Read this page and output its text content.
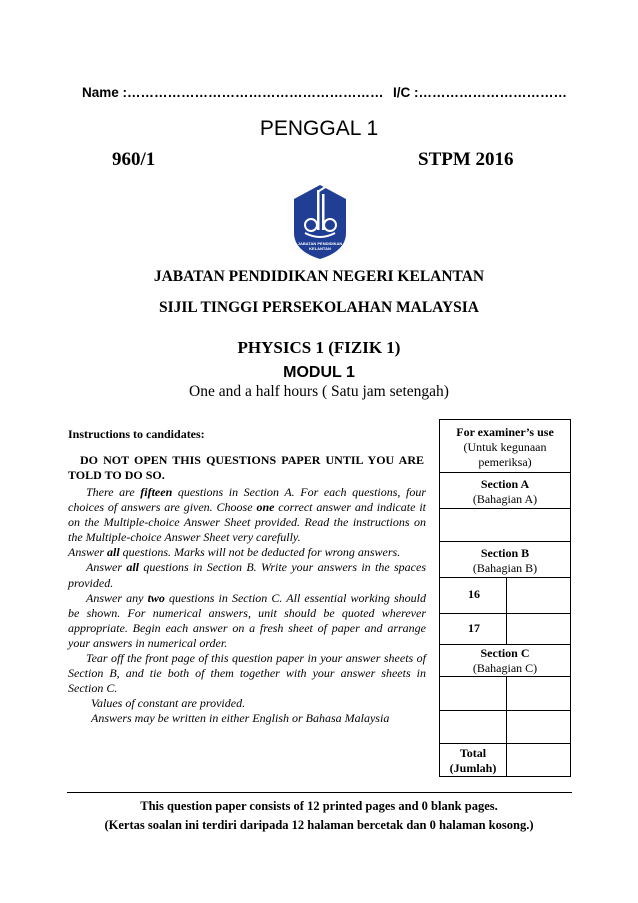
Name :………………………………………………… I/C :……………………………
PENGGAL 1
960/1	STPM 2016
JABATAN PENDIDIKAN
KELANTAN
JABATAN PENDIDIKAN NEGERI KELANTAN
SIJIL TINGGI PERSEKOLAHAN MALAYSIA
PHYSICS 1 (FIZIK 1)
MODUL 1
One and a half hours ( Satu jam setengah)
Instructions to candidates:
DO NOT OPEN THIS QUESTIONS PAPER UNTIL YOU ARE TOLD TO DO SO.

There are fifteen questions in Section A. For each questions, four choices of answers are given. Choose one correct answer and indicate it on the Multiple-choice Answer Sheet provided. Read the instructions on the Multiple-choice Answer Sheet very carefully.

Answer all questions. Marks will not be deducted for wrong answers.

Answer all questions in Section B. Write your answers in the spaces provided.

Answer any two questions in Section C. All essential working should be shown. For numerical answers, unit should be quoted wherever appropriate. Begin each answer on a fresh sheet of paper and arrange your answers in numerical order.

Tear off the front page of this question paper in your answer sheets of Section B, and tie both of them together with your answer sheets in Section C.

Values of constant are provided.

Answers may be written in either English or Bahasa Malaysia

For examiner’s use
(Untuk kegunaan pemeriksa)
Section A
(Bahagian A)
Section B
(Bahagian B)
16
17
Section C
(Bahagian C)
Total
(Jumlah)
This question paper consists of 12 printed pages and 0 blank pages.
(Kertas soalan ini terdiri daripada 12 halaman bercetak dan 0 halaman kosong.)
